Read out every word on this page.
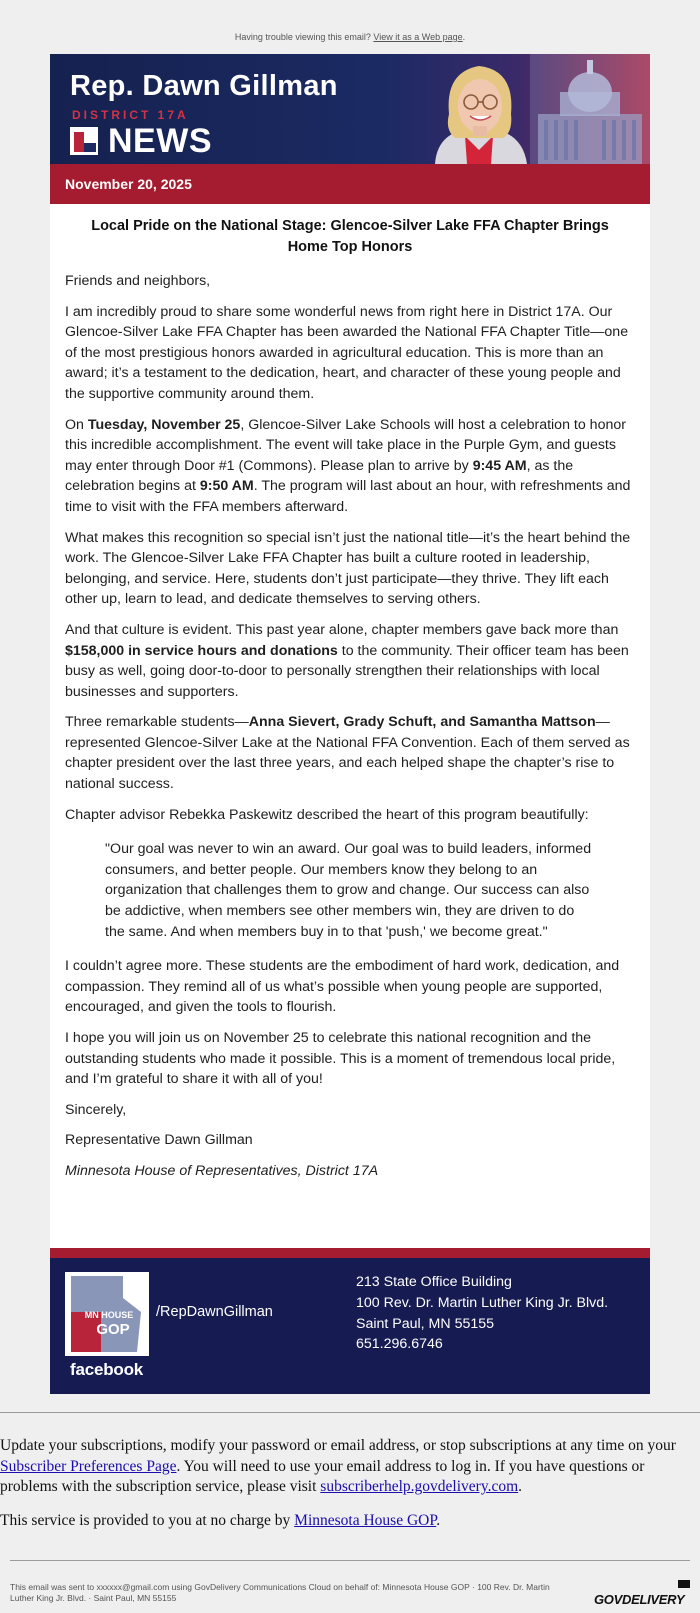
Having trouble viewing this email? View it as a Web page.
Rep. Dawn Gillman
DISTRICT 17A
NEWS
November 20, 2025
Local Pride on the National Stage: Glencoe-Silver Lake FFA Chapter Brings Home Top Honors

Friends and neighbors,

I am incredibly proud to share some wonderful news from right here in District 17A. Our Glencoe-Silver Lake FFA Chapter has been awarded the National FFA Chapter Title—one of the most prestigious honors awarded in agricultural education. This is more than an award; it’s a testament to the dedication, heart, and character of these young people and the supportive community around them.

On Tuesday, November 25, Glencoe-Silver Lake Schools will host a celebration to honor this incredible accomplishment. The event will take place in the Purple Gym, and guests may enter through Door #1 (Commons). Please plan to arrive by 9:45 AM, as the celebration begins at 9:50 AM. The program will last about an hour, with refreshments and time to visit with the FFA members afterward.

What makes this recognition so special isn’t just the national title—it’s the heart behind the work. The Glencoe-Silver Lake FFA Chapter has built a culture rooted in leadership, belonging, and service. Here, students don’t just participate—they thrive. They lift each other up, learn to lead, and dedicate themselves to serving others.

And that culture is evident. This past year alone, chapter members gave back more than $158,000 in service hours and donations to the community. Their officer team has been busy as well, going door-to-door to personally strengthen their relationships with local businesses and supporters.

Three remarkable students—Anna Sievert, Grady Schuft, and Samantha Mattson—represented Glencoe-Silver Lake at the National FFA Convention. Each of them served as chapter president over the last three years, and each helped shape the chapter’s rise to national success.

Chapter advisor Rebekka Paskewitz described the heart of this program beautifully:

"Our goal was never to win an award. Our goal was to build leaders, informed consumers, and better people. Our members know they belong to an organization that challenges them to grow and change. Our success can also be addictive, when members see other members win, they are driven to do the same. And when members buy in to that 'push,' we become great."

I couldn’t agree more. These students are the embodiment of hard work, dedication, and compassion. They remind all of us what’s possible when young people are supported, encouraged, and given the tools to flourish.

I hope you will join us on November 25 to celebrate this national recognition and the outstanding students who made it possible. This is a moment of tremendous local pride, and I’m grateful to share it with all of you!

Sincerely,

Representative Dawn Gillman

Minnesota House of Representatives, District 17A

MN HOUSE
GOP
facebook
/RepDawnGillman
213 State Office Building
100 Rev. Dr. Martin Luther King Jr. Blvd.
Saint Paul, MN 55155
651.296.6746

Update your subscriptions, modify your password or email address, or stop subscriptions at any time on your Subscriber Preferences Page. You will need to use your email address to log in. If you have questions or problems with the subscription service, please visit subscriberhelp.govdelivery.com.

This service is provided to you at no charge by Minnesota House GOP.

This email was sent to xxxxxx@gmail.com using GovDelivery Communications Cloud on behalf of: Minnesota House GOP · 100 Rev. Dr. Martin Luther King Jr. Blvd. · Saint Paul, MN 55155	GOVDELIVERY
